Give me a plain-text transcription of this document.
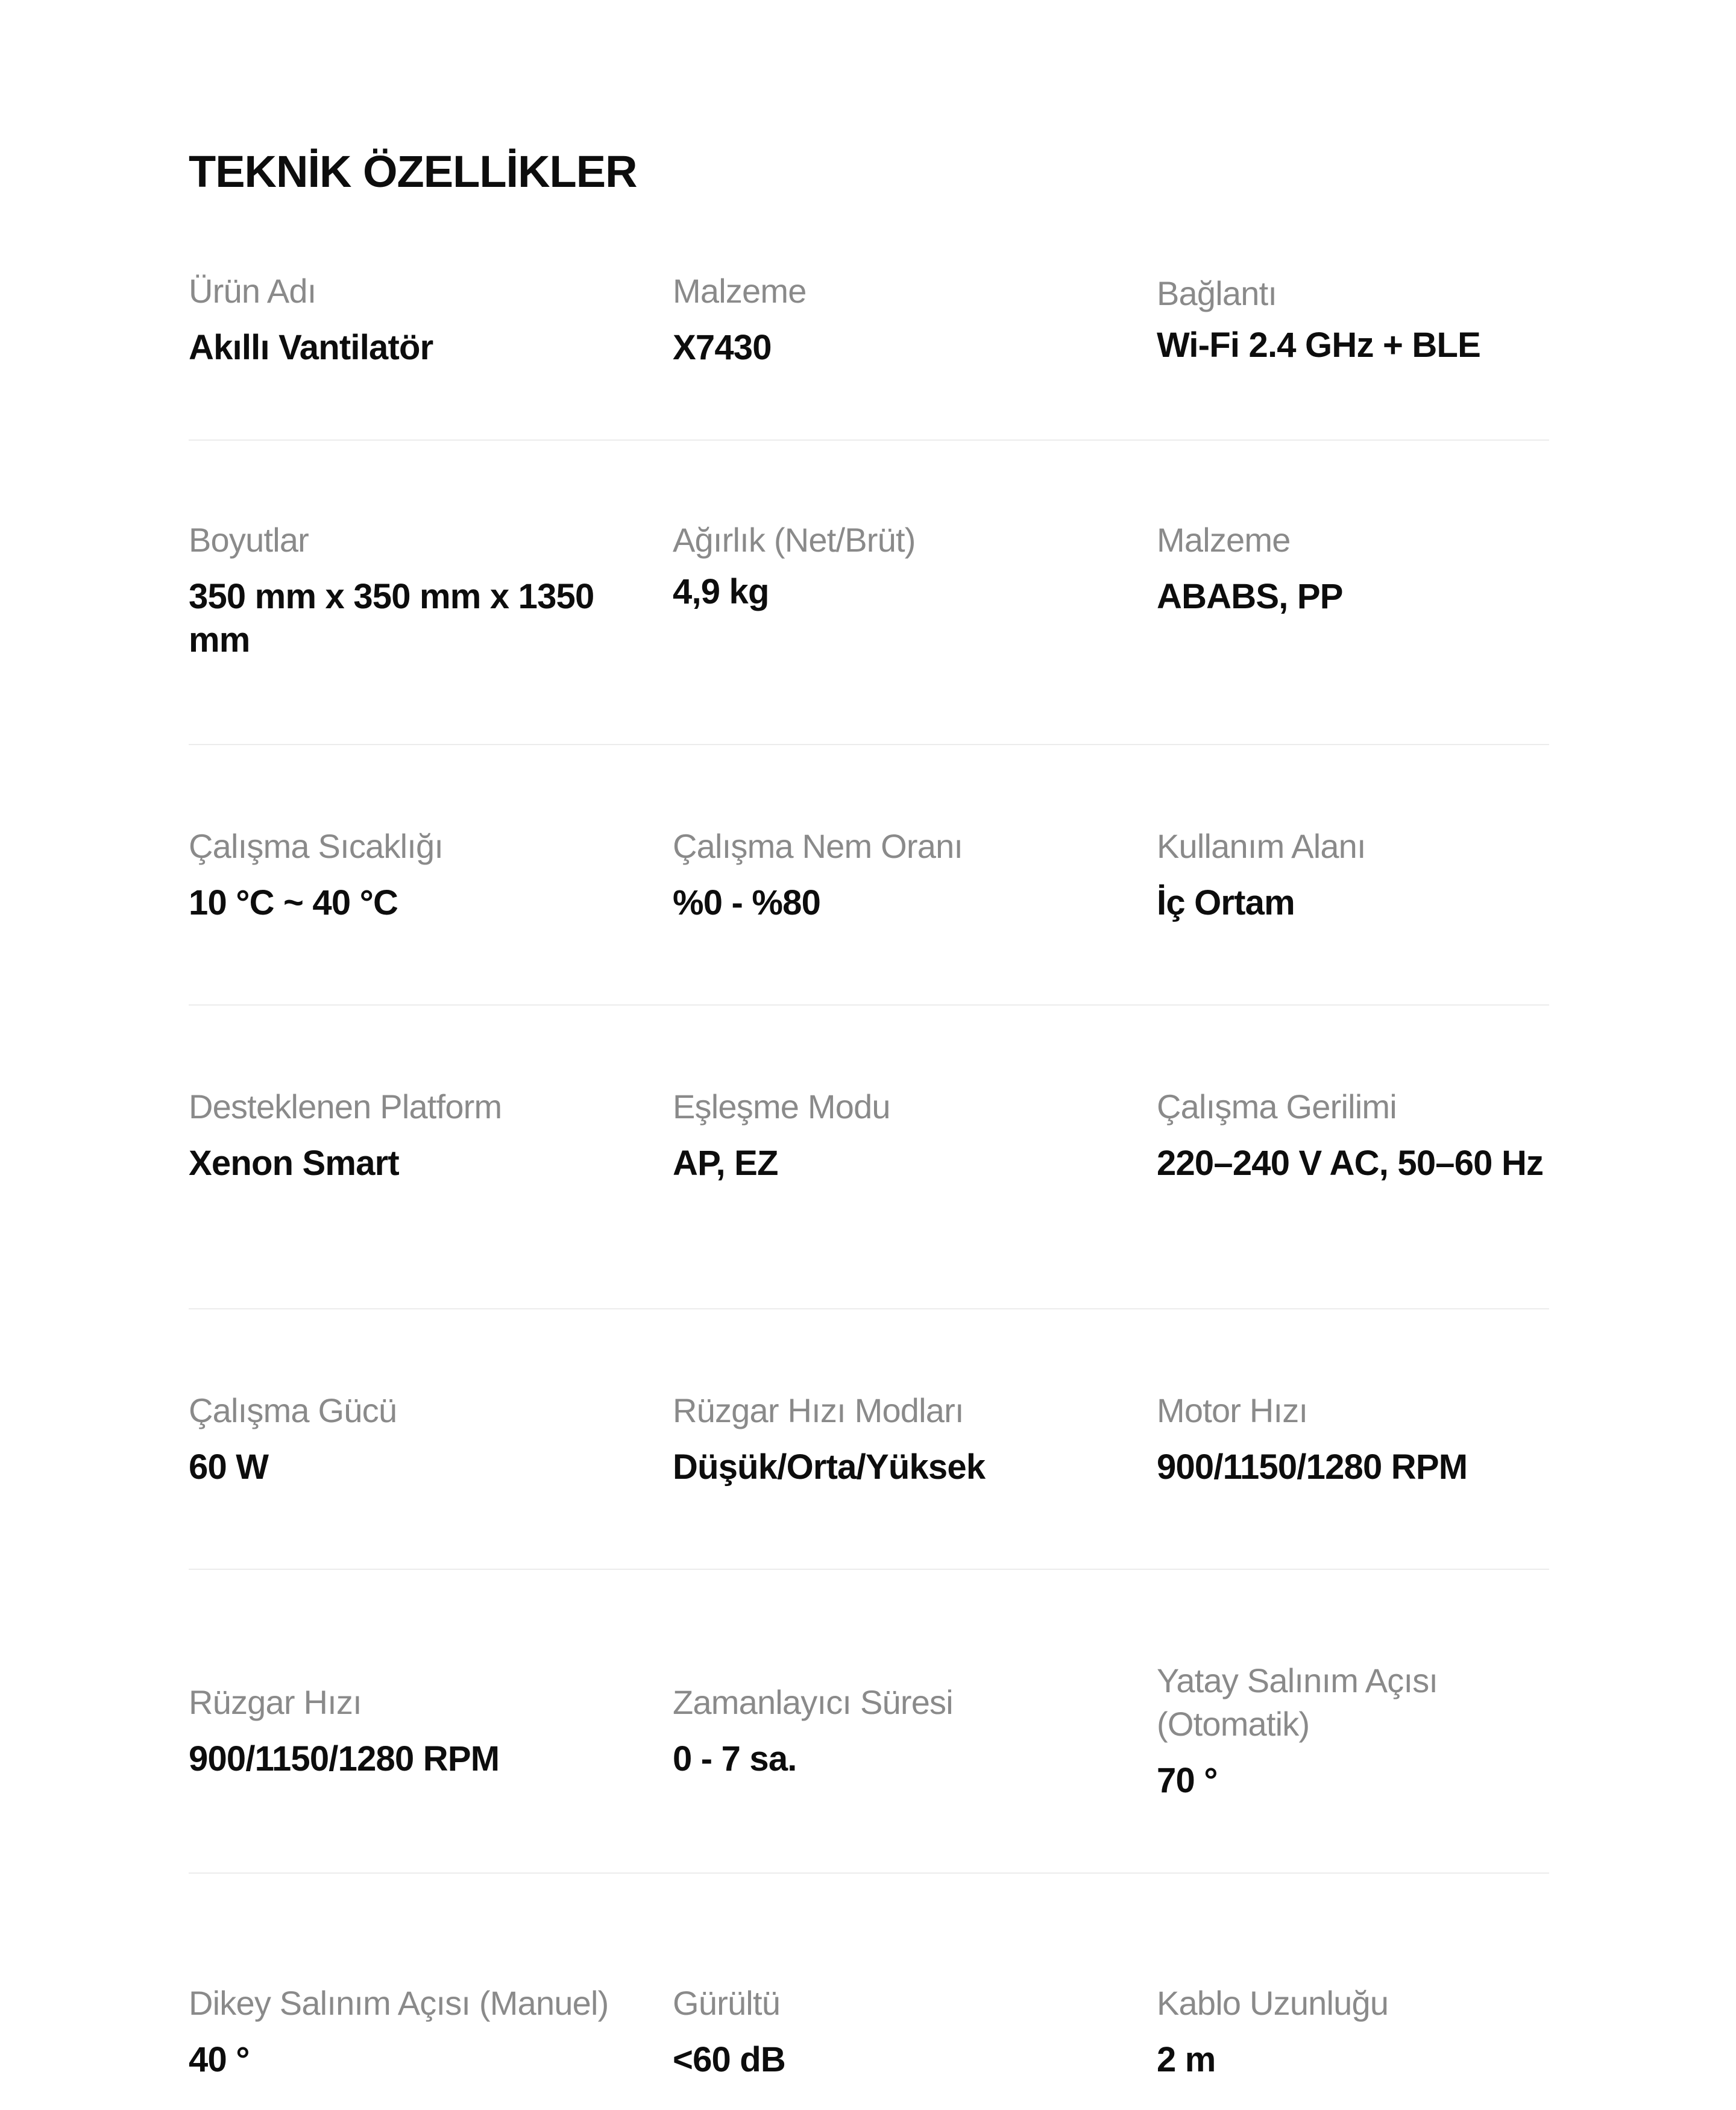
TEKNİK ÖZELLİKLER
Ürün Adı
Akıllı Vantilatör
Malzeme
X7430
Bağlantı
Wi-Fi 2.4 GHz + BLE
Boyutlar
350 mm x 350 mm x 1350 mm
Ağırlık (Net/Brüt)
4,9 kg
Malzeme
ABABS, PP
Çalışma Sıcaklığı
10 °C ~ 40 °C
Çalışma Nem Oranı
%0 - %80
Kullanım Alanı
İç Ortam
Desteklenen Platform
Xenon Smart
Eşleşme Modu
AP, EZ
Çalışma Gerilimi
220–240 V AC, 50–60 Hz
Çalışma Gücü
60 W
Rüzgar Hızı Modları
Düşük/Orta/Yüksek
Motor Hızı
900/1150/1280 RPM
Rüzgar Hızı
900/1150/1280 RPM
Zamanlayıcı Süresi
0 - 7 sa.
Yatay Salınım Açısı (Otomatik)
70 °
Dikey Salınım Açısı (Manuel)
40 °
Gürültü
<60 dB
Kablo Uzunluğu
2 m
